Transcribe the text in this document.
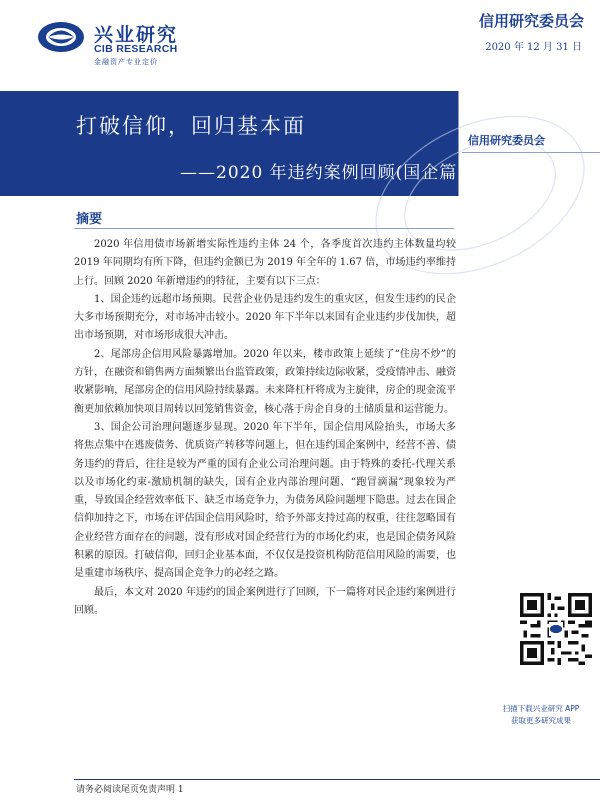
兴业研究
CIB RESEARCH
金融资产专业定价
信用研究委员会
2020 年 12 月 31 日
打破信仰，回归基本面
——2020 年违约案例回顾(国企篇)
信用研究委员会
摘要

2020 年信用债市场新增实际性违约主体 24 个，各季度首次违约主体数量均较 2019 年同期均有所下降，但违约金额已为 2019 年全年的 1.67 倍，市场违约率维持上行。回顾 2020 年新增违约的特征，主要有以下三点：

1、国企违约远超市场预期。民营企业仍是违约发生的重灾区，但发生违约的民企大多市场预期充分，对市场冲击较小。2020 年下半年以来国有企业违约步伐加快，超出市场预期，对市场形成很大冲击。

2、尾部房企信用风险暴露增加。2020 年以来，楼市政策上延续了“住房不炒”的方针，在融资和销售两方面频繁出台监管政策，政策持续边际收紧，受疫情冲击、融资收紧影响，尾部房企的信用风险持续暴露。未来降杠杆将成为主旋律，房企的现金流平衡更加依赖加快项目周转以回笼销售资金，核心落于房企自身的土储质量和运营能力。

3、国企公司治理问题逐步显现。2020 年下半年，国企信用风险抬头，市场大多将焦点集中在逃废债务、优质资产转移等问题上，但在违约国企案例中，经营不善、债务违约的背后，往往是较为严重的国有企业公司治理问题。由于特殊的委托-代理关系以及市场化约束-激励机制的缺失，国有企业内部治理问题、“跑冒滴漏”现象较为严重，导致国企经营效率低下、缺乏市场竞争力，为债务风险问题埋下隐患。过去在国企信仰加持之下，市场在评估国企信用风险时，给予外部支持过高的权重，往往忽略国有企业经营方面存在的问题，没有形成对国企经营行为的市场化约束，也是国企债务风险积累的原因。打破信仰，回归企业基本面，不仅仅是投资机构防范信用风险的需要，也是重建市场秩序、提高国企竞争力的必经之路。

最后，本文对 2020 年违约的国企案例进行了回顾，下一篇将对民企违约案例进行回顾。

扫描下载兴业研究 APP
获取更多研究成果
请务必阅读尾页免责声明 1
